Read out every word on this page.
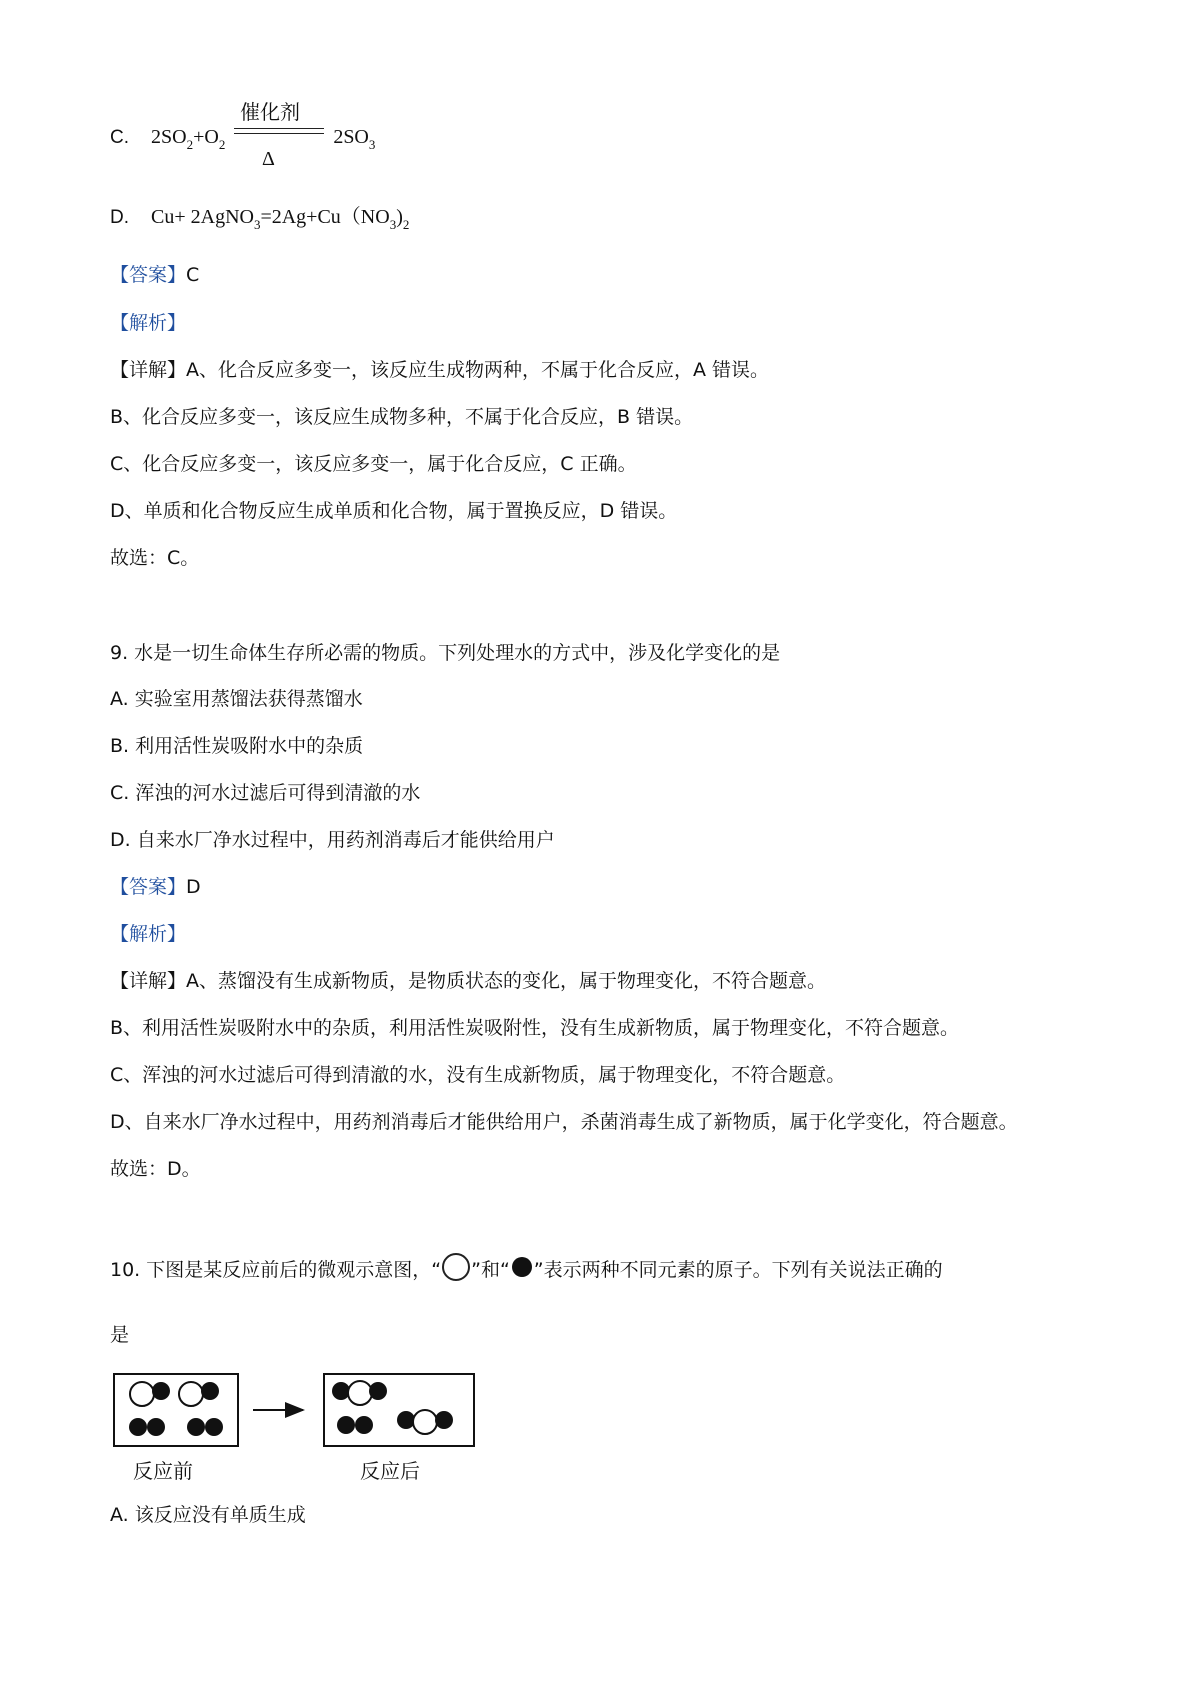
C. $2SO_2+O_2$	$2SO_3$
催化剂
Δ
D. $Cu+ 2AgNO_3=2Ag+Cu(NO_3)_2$
【答案】C
【解析】
【详解】A、化合反应多变一，该反应生成物两种，不属于化合反应，A 错误。
B、化合反应多变一，该反应生成物多种，不属于化合反应，B 错误。
C、化合反应多变一，该反应多变一，属于化合反应，C 正确。
D、单质和化合物反应生成单质和化合物，属于置换反应，D 错误。
故选：C。
9. 水是一切生命体生存所必需的物质。下列处理水的方式中，涉及化学变化的是
A. 实验室用蒸馏法获得蒸馏水
B. 利用活性炭吸附水中的杂质
C. 浑浊的河水过滤后可得到清澈的水
D. 自来水厂净水过程中，用药剂消毒后才能供给用户
【答案】D
【解析】
【详解】A、蒸馏没有生成新物质，是物质状态的变化，属于物理变化，不符合题意。
B、利用活性炭吸附水中的杂质，利用活性炭吸附性，没有生成新物质，属于物理变化，不符合题意。
C、浑浊的河水过滤后可得到清澈的水，没有生成新物质，属于物理变化，不符合题意。
D、自来水厂净水过程中，用药剂消毒后才能供给用户，杀菌消毒生成了新物质，属于化学变化，符合题意。
故选：D。
10. 下图是某反应前后的微观示意图，“ ”和“ ”表示两种不同元素的原子。下列有关说法正确的
是
反应前	反应后
A. 该反应没有单质生成
